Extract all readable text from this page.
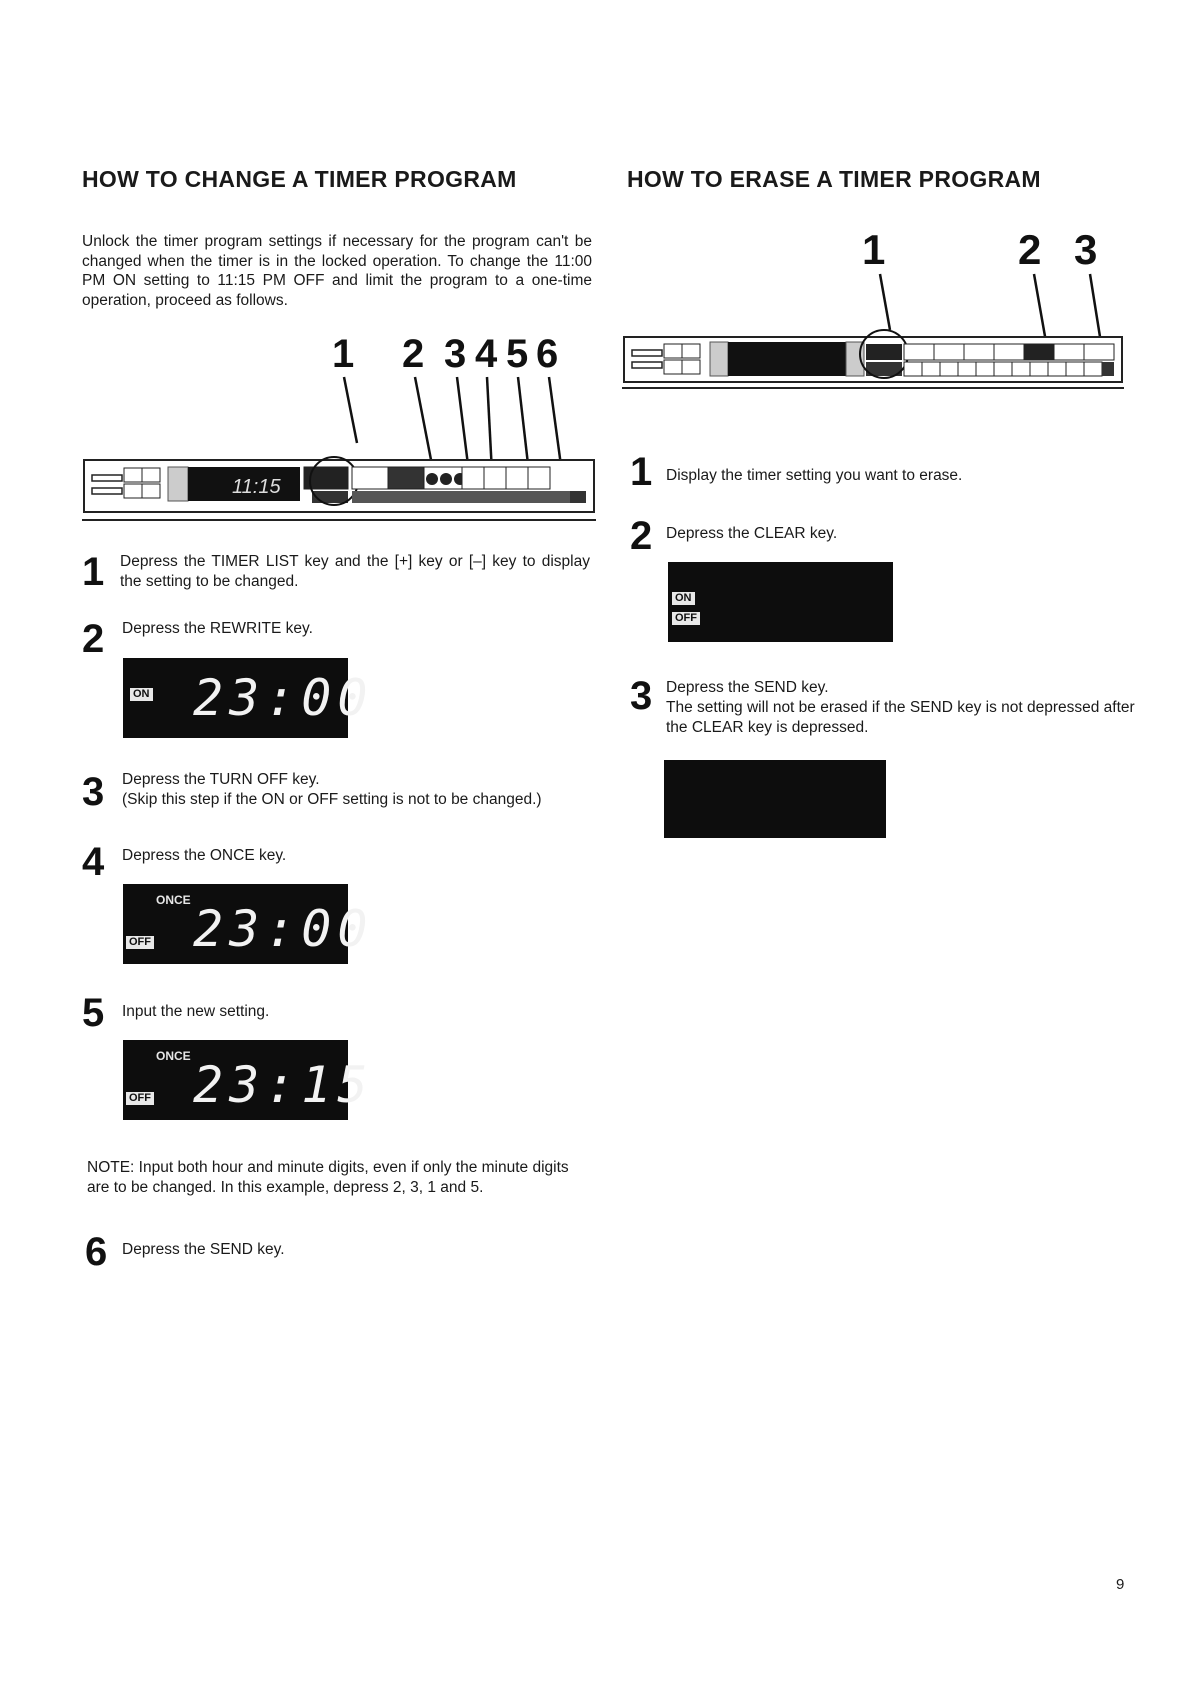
HOW TO CHANGE A TIMER PROGRAM
Unlock the timer program settings if necessary for the program can't be changed when the timer is in the locked operation. To change the 11:00 PM ON setting to 11:15 PM OFF and limit the program to a one-time operation, proceed as follows.
1 2 3 4 5 6
11:15
1 Depress the TIMER LIST key and the [+] key or [–] key to display the setting to be changed.
2 Depress the REWRITE key.
ON 23:00
3 Depress the TURN OFF key.
(Skip this step if the ON or OFF setting is not to be changed.)
4 Depress the ONCE key.
ONCE
OFF 23:00
5 Input the new setting.
ONCE
OFF 23:15
NOTE: Input both hour and minute digits, even if only the minute digits are to be changed. In this example, depress 2, 3, 1 and 5.
6 Depress the SEND key.
HOW TO ERASE A TIMER PROGRAM
1	2 3
1 Display the timer setting you want to erase.
2 Depress the CLEAR key.
ON
OFF
3 Depress the SEND key.
The setting will not be erased if the SEND key is not depressed after the CLEAR key is depressed.
9
